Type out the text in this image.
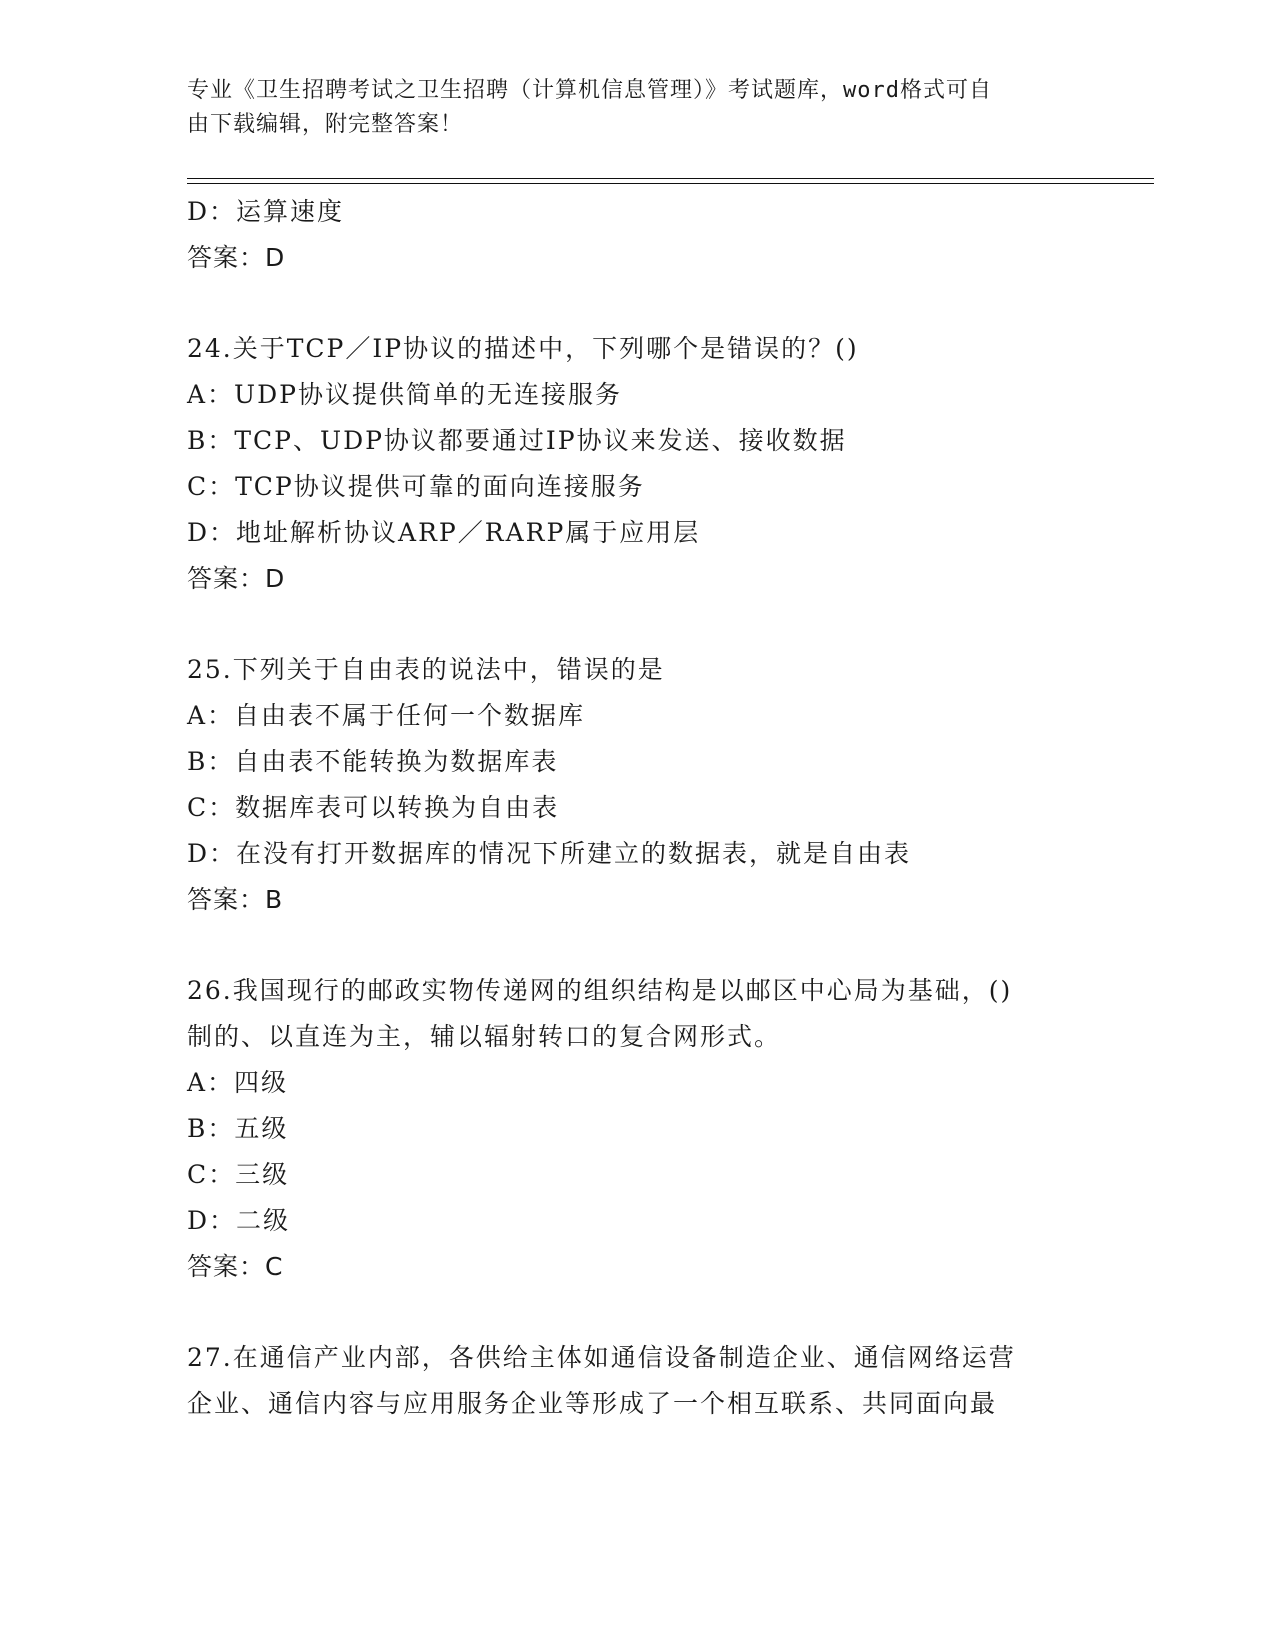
专业《卫生招聘考试之卫生招聘（计算机信息管理）》考试题库，word格式可自
由下载编辑，附完整答案！
D：运算速度
答案：D
24.关于TCP／IP协议的描述中，下列哪个是错误的？()
A：UDP协议提供简单的无连接服务
B：TCP、UDP协议都要通过IP协议来发送、接收数据
C：TCP协议提供可靠的面向连接服务
D：地址解析协议ARP／RARP属于应用层
答案：D
25.下列关于自由表的说法中，错误的是
A：自由表不属于任何一个数据库
B：自由表不能转换为数据库表
C：数据库表可以转换为自由表
D：在没有打开数据库的情况下所建立的数据表，就是自由表
答案：B
26.我国现行的邮政实物传递网的组织结构是以邮区中心局为基础，()
制的、以直连为主，辅以辐射转口的复合网形式。
A：四级
B：五级
C：三级
D：二级
答案：C
27.在通信产业内部，各供给主体如通信设备制造企业、通信网络运营
企业、通信内容与应用服务企业等形成了一个相互联系、共同面向最
